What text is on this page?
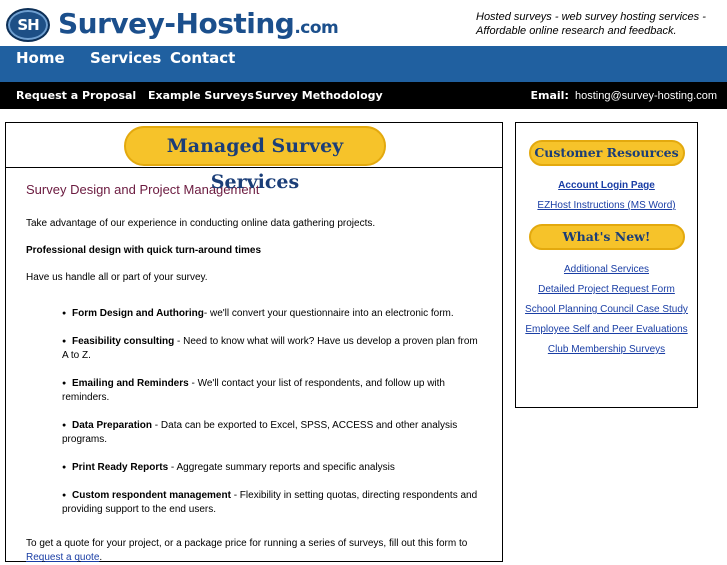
SH Survey-Hosting.com
Hosted surveys - web survey hosting services - Affordable online research and feedback.
Home Services Contact
Request a Proposal Example Surveys Survey Methodology	Email: hosting@survey-hosting.com
Managed Survey Services
Survey Design and Project Management

Take advantage of our experience in conducting online data gathering projects.

Professional design with quick turn-around times

Have us handle all or part of your survey.

● Form Design and Authoring- we'll convert your questionnaire into an electronic form.
● Feasibility consulting - Need to know what will work? Have us develop a proven plan from A to Z.
● Emailing and Reminders - We'll contact your list of respondents, and follow up with reminders.
● Data Preparation - Data can be exported to Excel, SPSS, ACCESS and other analysis programs.
● Print Ready Reports - Aggregate summary reports and specific analysis
● Custom respondent management - Flexibility in setting quotas, directing respondents and providing support to the end users.

To get a quote for your project, or a package price for running a series of surveys, fill out this form to
Request a quote.

Customer Resources
Account Login Page
EZHost Instructions (MS Word)
What's New!
Additional Services
Detailed Project Request Form
School Planning Council Case Study
Employee Self and Peer Evaluations
Club Membership Surveys
